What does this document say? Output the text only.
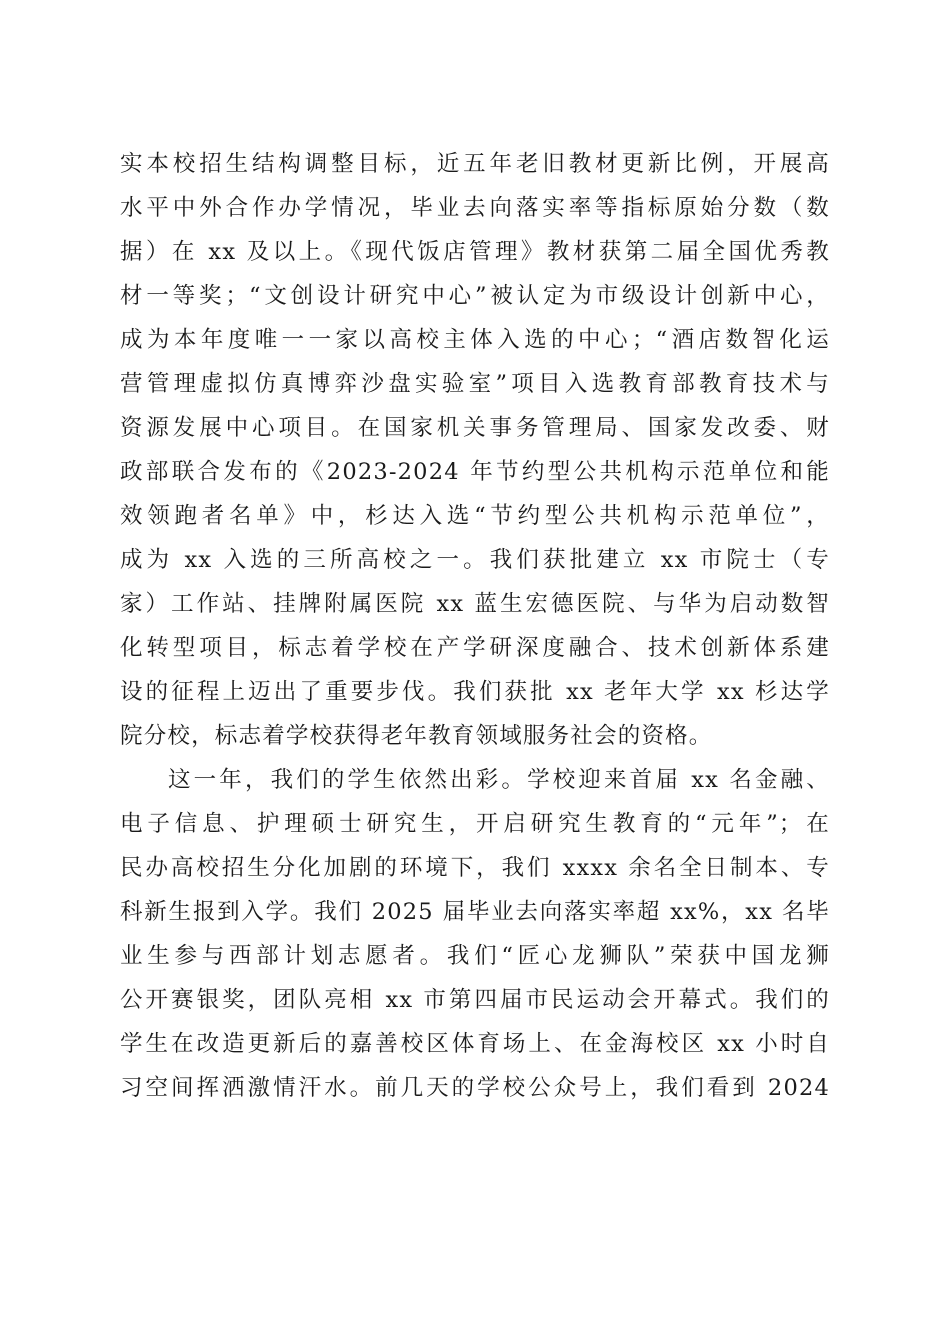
实本校招生结构调整目标，近五年老旧教材更新比例，开展高
水平中外合作办学情况，毕业去向落实率等指标原始分数（数
据）在 xx 及以上。《现代饭店管理》教材获第二届全国优秀教
材一等奖；“文创设计研究中心”被认定为市级设计创新中心，
成为本年度唯一一家以高校主体入选的中心；“酒店数智化运
营管理虚拟仿真博弈沙盘实验室”项目入选教育部教育技术与
资源发展中心项目。在国家机关事务管理局、国家发改委、财
政部联合发布的《2023-2024 年节约型公共机构示范单位和能
效领跑者名单》中，杉达入选“节约型公共机构示范单位”，
成为 xx 入选的三所高校之一。我们获批建立 xx 市院士（专
家）工作站、挂牌附属医院 xx 蓝生宏德医院、与华为启动数智
化转型项目，标志着学校在产学研深度融合、技术创新体系建
设的征程上迈出了重要步伐。我们获批 xx 老年大学 xx 杉达学
院分校，标志着学校获得老年教育领域服务社会的资格。
这一年，我们的学生依然出彩。学校迎来首届 xx 名金融、
电子信息、护理硕士研究生，开启研究生教育的“元年”；在
民办高校招生分化加剧的环境下，我们 xxxx 余名全日制本、专
科新生报到入学。我们 2025 届毕业去向落实率超 xx%，xx 名毕
业生参与西部计划志愿者。我们“匠心龙狮队”荣获中国龙狮
公开赛银奖，团队亮相 xx 市第四届市民运动会开幕式。我们的
学生在改造更新后的嘉善校区体育场上、在金海校区 xx 小时自
习空间挥洒激情汗水。前几天的学校公众号上，我们看到 2024
